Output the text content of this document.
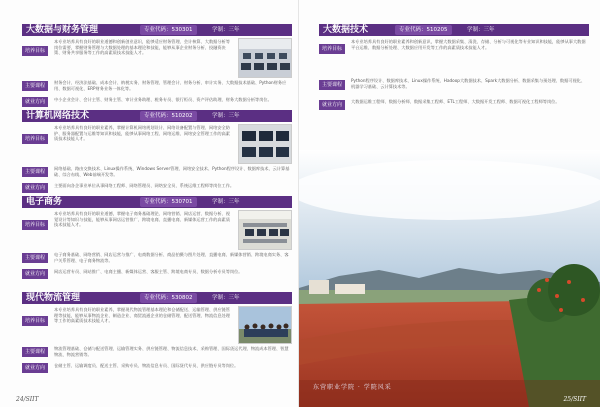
大数据与财务管理	专业代码：530301	学制：三年
培养目标
本专业培养具有良好的职业道德和创新创业意识，能够适应财务管理、会计核算、大数据分析等岗位需要，掌握财务管理与大数据处理的基本理论和技能，能够从事企业财务分析、投融资决策、财务共享服务等工作的高素质技术技能人才。
主要课程
财务会计、经济法基础、成本会计、纳税实务、财务管理、管理会计、财务分析、审计实务、大数据技术基础、Python财务应用、数据可视化、ERP财务业务一体化等。
就业方向	中小企业会计、会计主管、财务主管、审计业务助理、税务专员、银行柜员、资产评估助理、财务大数据分析等岗位。
计算机网络技术	专业代码：510202	学制：三年
培养目标
本专业培养具有良好的职业素养，掌握计算机网络规划设计、网络设备配置与管理、网络安全防护、服务器配置与运维等知识和技能，能够从事网络工程、网络运维、网络安全管理工作的高素质技术技能人才。
主要课程
网络基础、路由交换技术、Linux操作系统、Windows Server管理、网络安全技术、Python程序设计、数据库技术、云计算基础、综合布线、Web前端开发等。
就业方向	主要面向各企事业单位从事网络工程师、网络管理员、网络安全员、系统运维工程师等岗位工作。
电子商务	专业代码：530701	学制：三年
培养目标
本专业培养具有良好的职业道德，掌握电子商务基础理论、网络营销、网店运营、数据分析、视觉设计等知识与技能，能够从事网店运营推广、跨境电商、直播电商、新媒体运营工作的高素质技术技能人才。
主要课程
电子商务基础、网络营销、网店运营与推广、电商数据分析、商品拍摄与图片处理、直播电商、新媒体营销、跨境电商实务、客户关系管理、电子商务物流等。
就业方向	网店运营专员、网站推广、电商主播、新媒体运营、客服主管、跨境电商专员、数据分析专员等岗位。
现代物流管理	专业代码：530802	学制：三年
培养目标
本专业培养具有良好的职业素养，掌握现代物流管理基本理论和仓储配送、运输管理、供应链管理等技能，能够从事物流企业、制造企业、商贸流通企业的仓储管理、配送管理、物流信息处理等工作的高素质技术技能人才。
主要课程
物流管理基础、仓储与配送管理、运输管理实务、供应链管理、物流信息技术、采购管理、国际货运代理、物流成本管理、智慧物流、物流营销等。
就业方向	仓储主管、运输调度员、配送主管、采购专员、物流信息专员、国际货代专员、供应链专员等岗位。
24/SIIT
大数据技术	专业代码：510205	学制：三年
培养目标
本专业培养具有良好的职业素养和创新意识，掌握大数据采集、清洗、存储、分析与可视化等专业知识和技能，能够从事大数据平台运维、数据分析处理、大数据应用开发等工作的高素质技术技能人才。
主要课程
Python程序设计、数据库技术、Linux操作系统、Hadoop大数据技术、Spark大数据分析、数据采集与预处理、数据可视化、机器学习基础、云计算技术等。
就业方向
大数据运维工程师、数据分析师、数据采集工程师、ETL工程师、大数据开发工程师、数据可视化工程师等岗位。
东营职业学院 · 学院风采
25/SIIT
